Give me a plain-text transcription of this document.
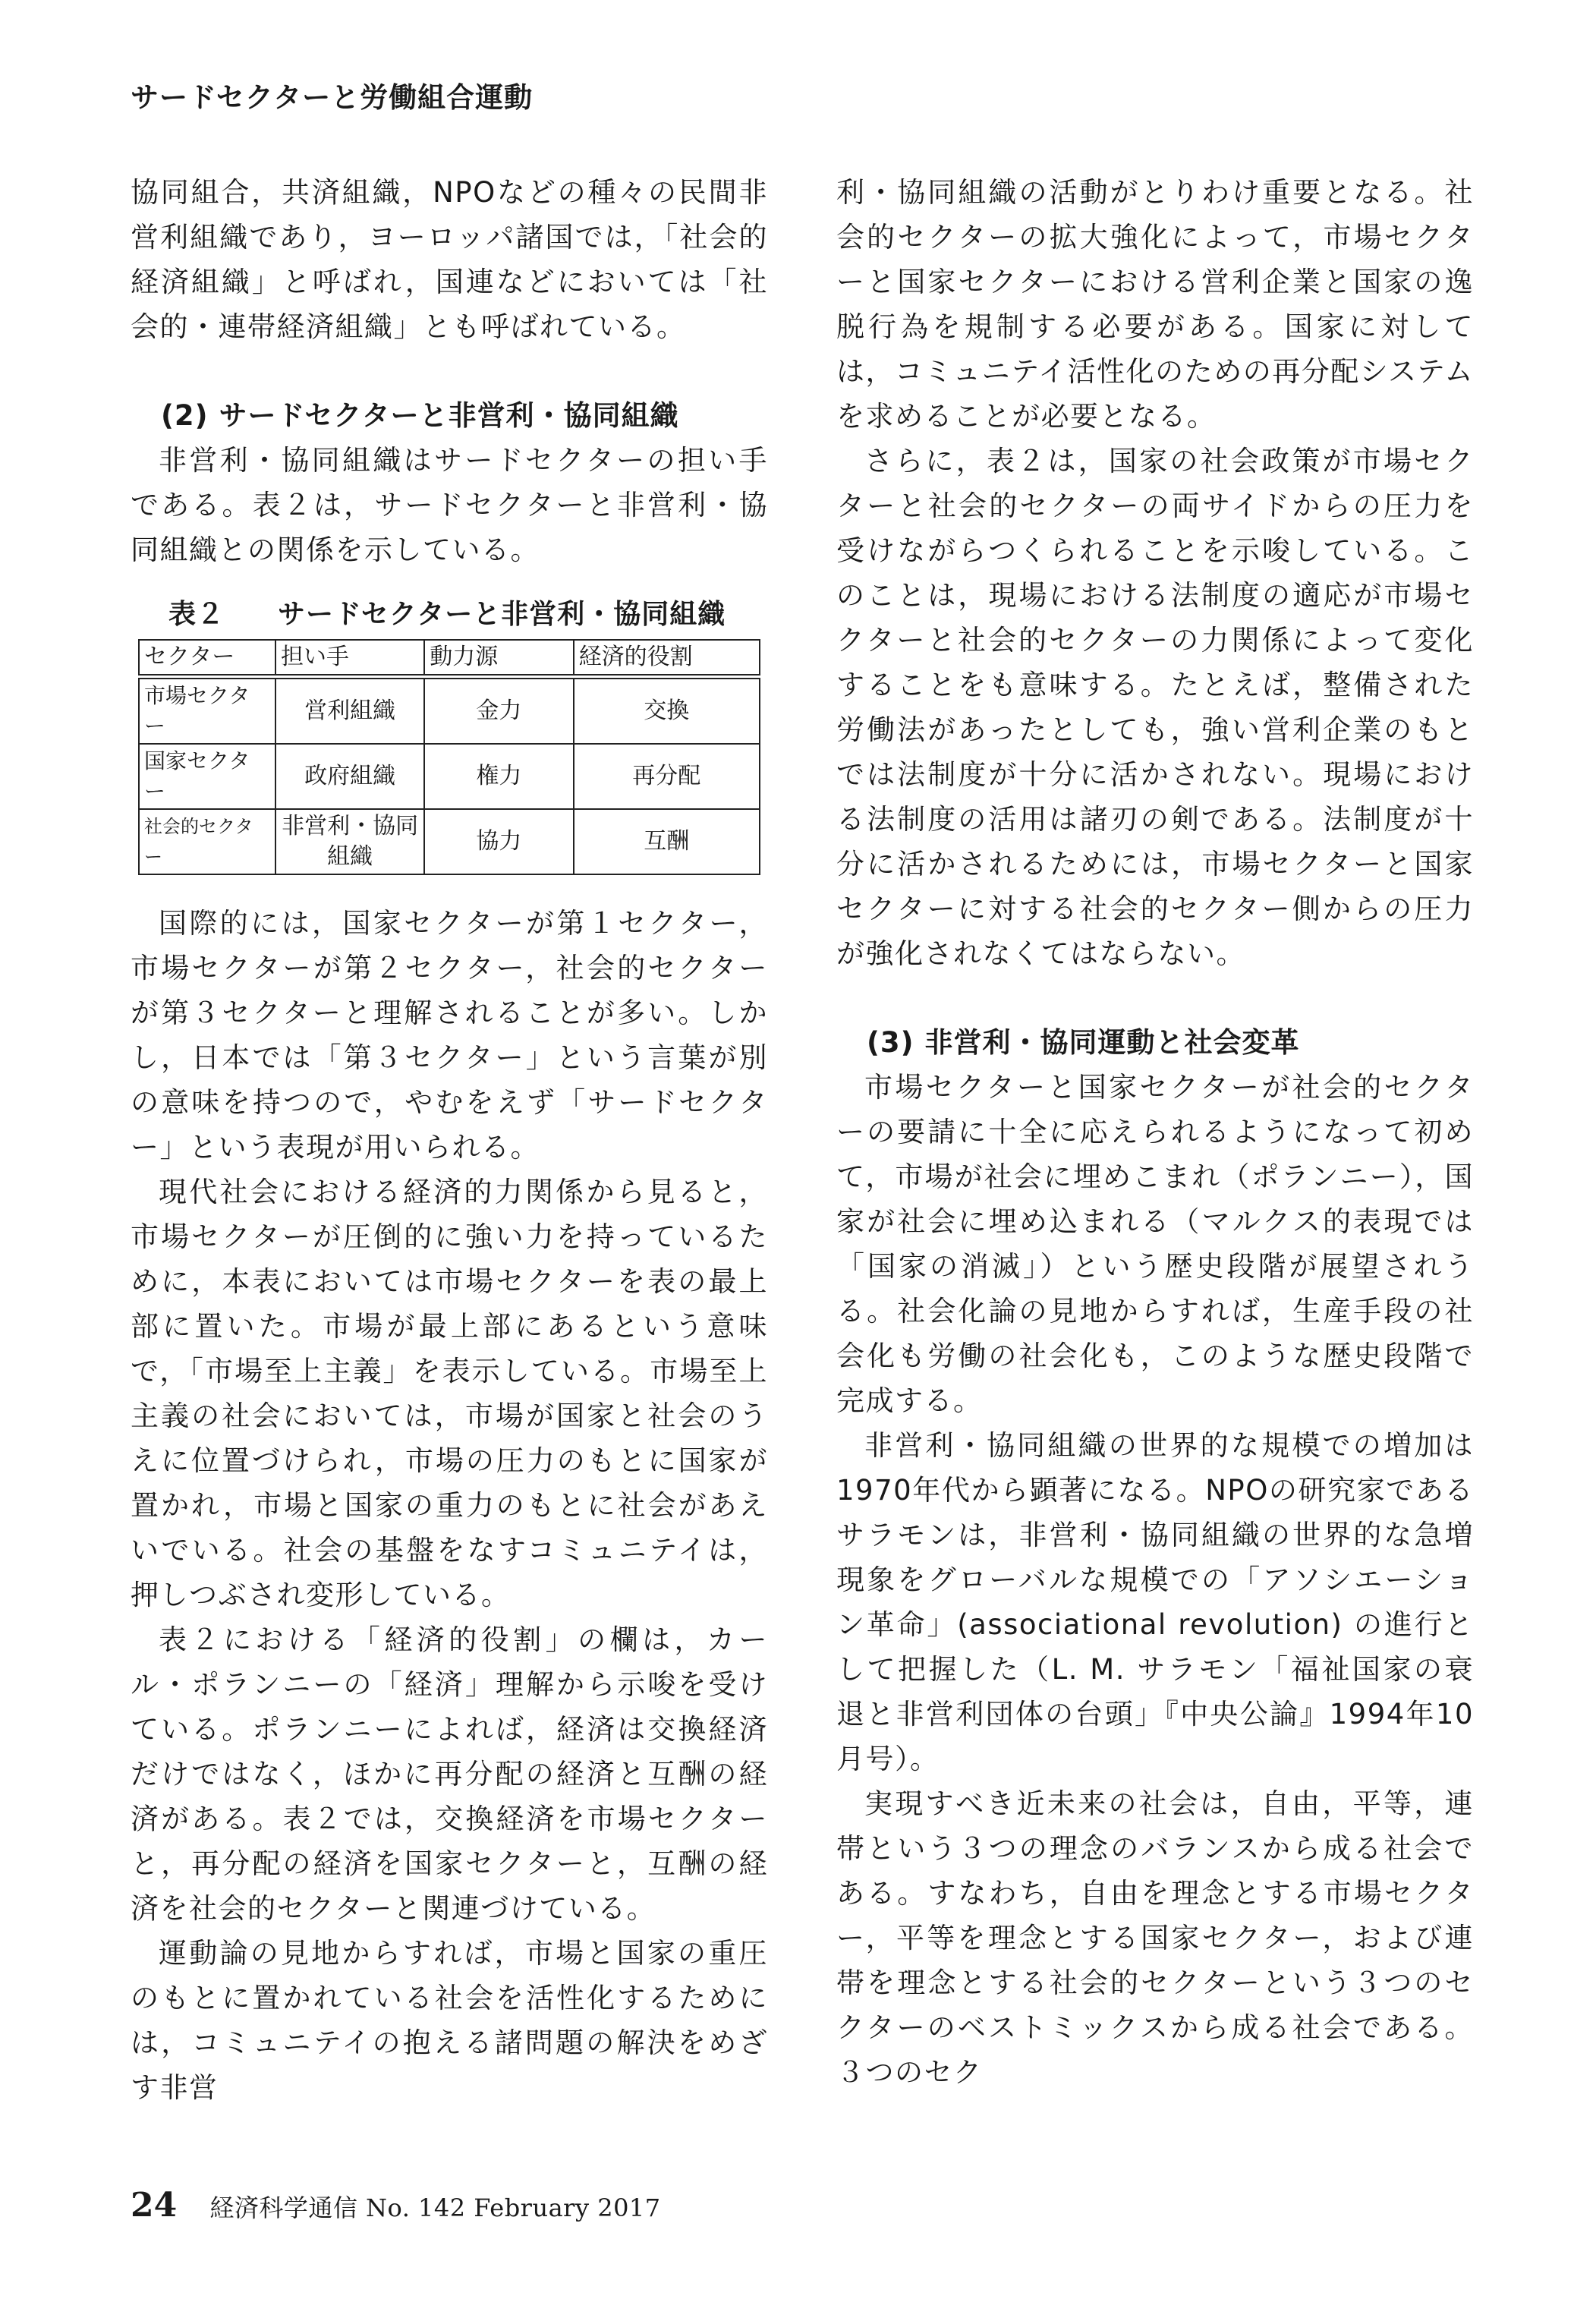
サードセクターと労働組合運動

協同組合，共済組織，NPOなどの種々の民間非営利組織であり，ヨーロッパ諸国では，「社会的経済組織」と呼ばれ，国連などにおいては「社会的・連帯経済組織」とも呼ばれている。

(2) サードセクターと非営利・協同組織

非営利・協同組織はサードセクターの担い手である。表２は，サードセクターと非営利・協同組織との関係を示している。

表２ サードセクターと非営利・協同組織
セクター	担い手	動力源	経済的役割
市場セクター	営利組織	金力	交換
国家セクター	政府組織	権力	再分配
社会的セクター	非営利・協同組織	協力	互酬

国際的には，国家セクターが第１セクター，市場セクターが第２セクター，社会的セクターが第３セクターと理解されることが多い。しかし，日本では「第３セクター」という言葉が別の意味を持つので，やむをえず「サードセクター」という表現が用いられる。

現代社会における経済的力関係から見ると，市場セクターが圧倒的に強い力を持っているために，本表においては市場セクターを表の最上部に置いた。市場が最上部にあるという意味で，「市場至上主義」を表示している。市場至上主義の社会においては，市場が国家と社会のうえに位置づけられ，市場の圧力のもとに国家が置かれ，市場と国家の重力のもとに社会があえいでいる。社会の基盤をなすコミュニテイは，押しつぶされ変形している。

表２における「経済的役割」の欄は，カール・ポランニーの「経済」理解から示唆を受けている。ポランニーによれば，経済は交換経済だけではなく，ほかに再分配の経済と互酬の経済がある。表２では，交換経済を市場セクターと，再分配の経済を国家セクターと，互酬の経済を社会的セクターと関連づけている。

運動論の見地からすれば，市場と国家の重圧のもとに置かれている社会を活性化するためには，コミュニテイの抱える諸問題の解決をめざす非営

利・協同組織の活動がとりわけ重要となる。社会的セクターの拡大強化によって，市場セクターと国家セクターにおける営利企業と国家の逸脱行為を規制する必要がある。国家に対しては，コミュニテイ活性化のための再分配システムを求めることが必要となる。

さらに，表２は，国家の社会政策が市場セクターと社会的セクターの両サイドからの圧力を受けながらつくられることを示唆している。このことは，現場における法制度の適応が市場セクターと社会的セクターの力関係によって変化することをも意味する。たとえば，整備された労働法があったとしても，強い営利企業のもとでは法制度が十分に活かされない。現場における法制度の活用は諸刃の剣である。法制度が十分に活かされるためには，市場セクターと国家セクターに対する社会的セクター側からの圧力が強化されなくてはならない。

(3) 非営利・協同運動と社会変革

市場セクターと国家セクターが社会的セクターの要請に十全に応えられるようになって初めて，市場が社会に埋めこまれ（ポランニー），国家が社会に埋め込まれる（マルクス的表現では「国家の消滅」）という歴史段階が展望されうる。社会化論の見地からすれば，生産手段の社会化も労働の社会化も，このような歴史段階で完成する。

非営利・協同組織の世界的な規模での増加は1970年代から顕著になる。NPOの研究家であるサラモンは，非営利・協同組織の世界的な急増現象をグローバルな規模での「アソシエーション革命」(associational revolution) の進行として把握した（L. M. サラモン「福祉国家の衰退と非営利団体の台頭」『中央公論』1994年10月号）。

実現すべき近未来の社会は，自由，平等，連帯という３つの理念のバランスから成る社会である。すなわち，自由を理念とする市場セクター，平等を理念とする国家セクター，および連帯を理念とする社会的セクターという３つのセクターのベストミックスから成る社会である。３つのセク

24 経済科学通信 No. 142 February 2017
